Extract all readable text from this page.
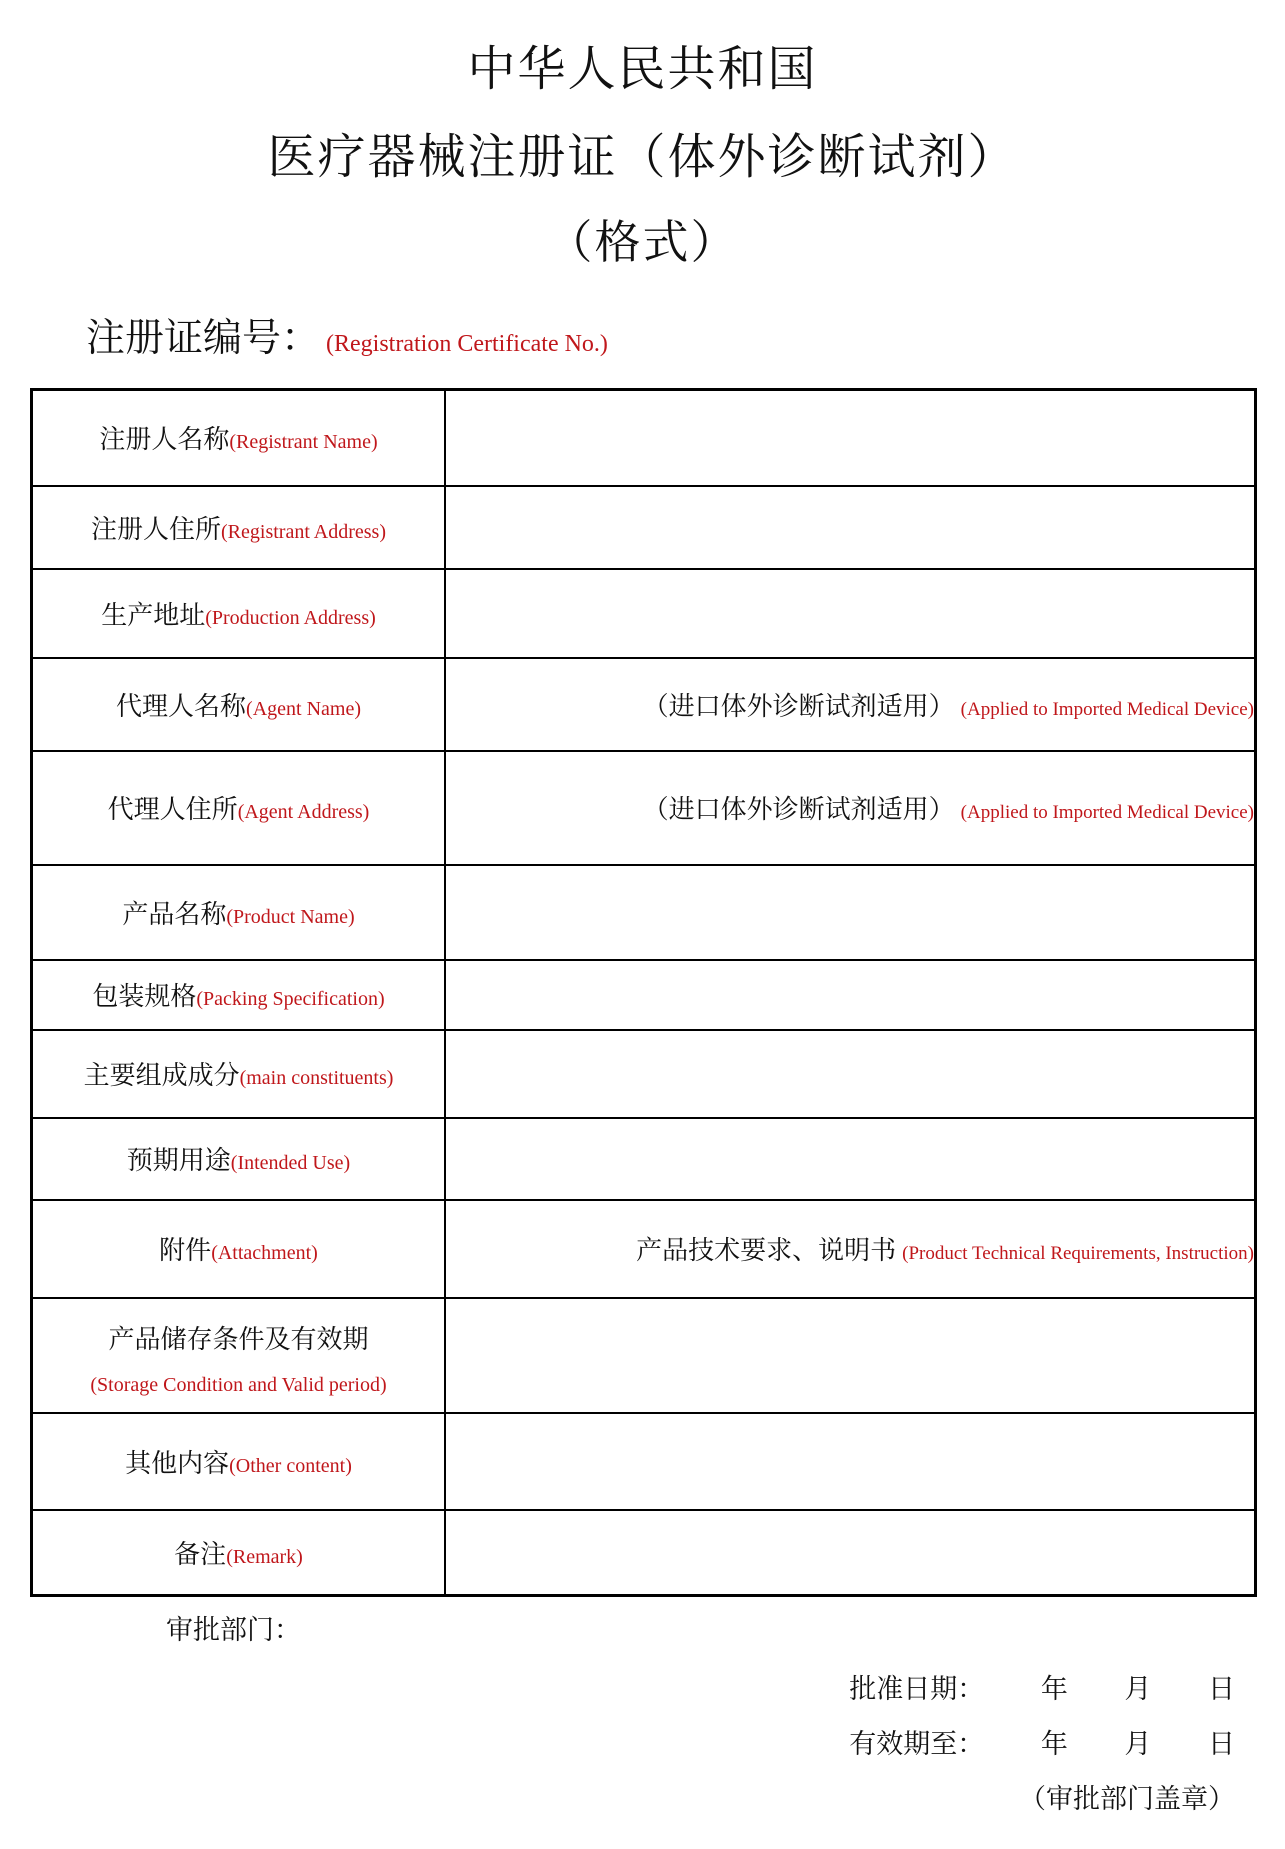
中华人民共和国
医疗器械注册证（体外诊断试剂）
（格式）
注册证编号： (Registration Certificate No.)
注册人名称(Registrant Name)	
注册人住所(Registrant Address)	
生产地址(Production Address)	
代理人名称(Agent Name)	（进口体外诊断试剂适用） (Applied to Imported Medical Device)
代理人住所(Agent Address)	（进口体外诊断试剂适用） (Applied to Imported Medical Device)
产品名称(Product Name)	
包装规格(Packing Specification)	
主要组成成分(main constituents)	
预期用途(Intended Use)	
附件(Attachment)	产品技术要求、说明书 (Product Technical Requirements, Instruction)

产品储存条件及有效期
(Storage Condition and Valid period)	

其他内容(Other content)	
备注(Remark)	
审批部门：
批准日期： 年 月 日
有效期至： 年 月 日
（审批部门盖章）
